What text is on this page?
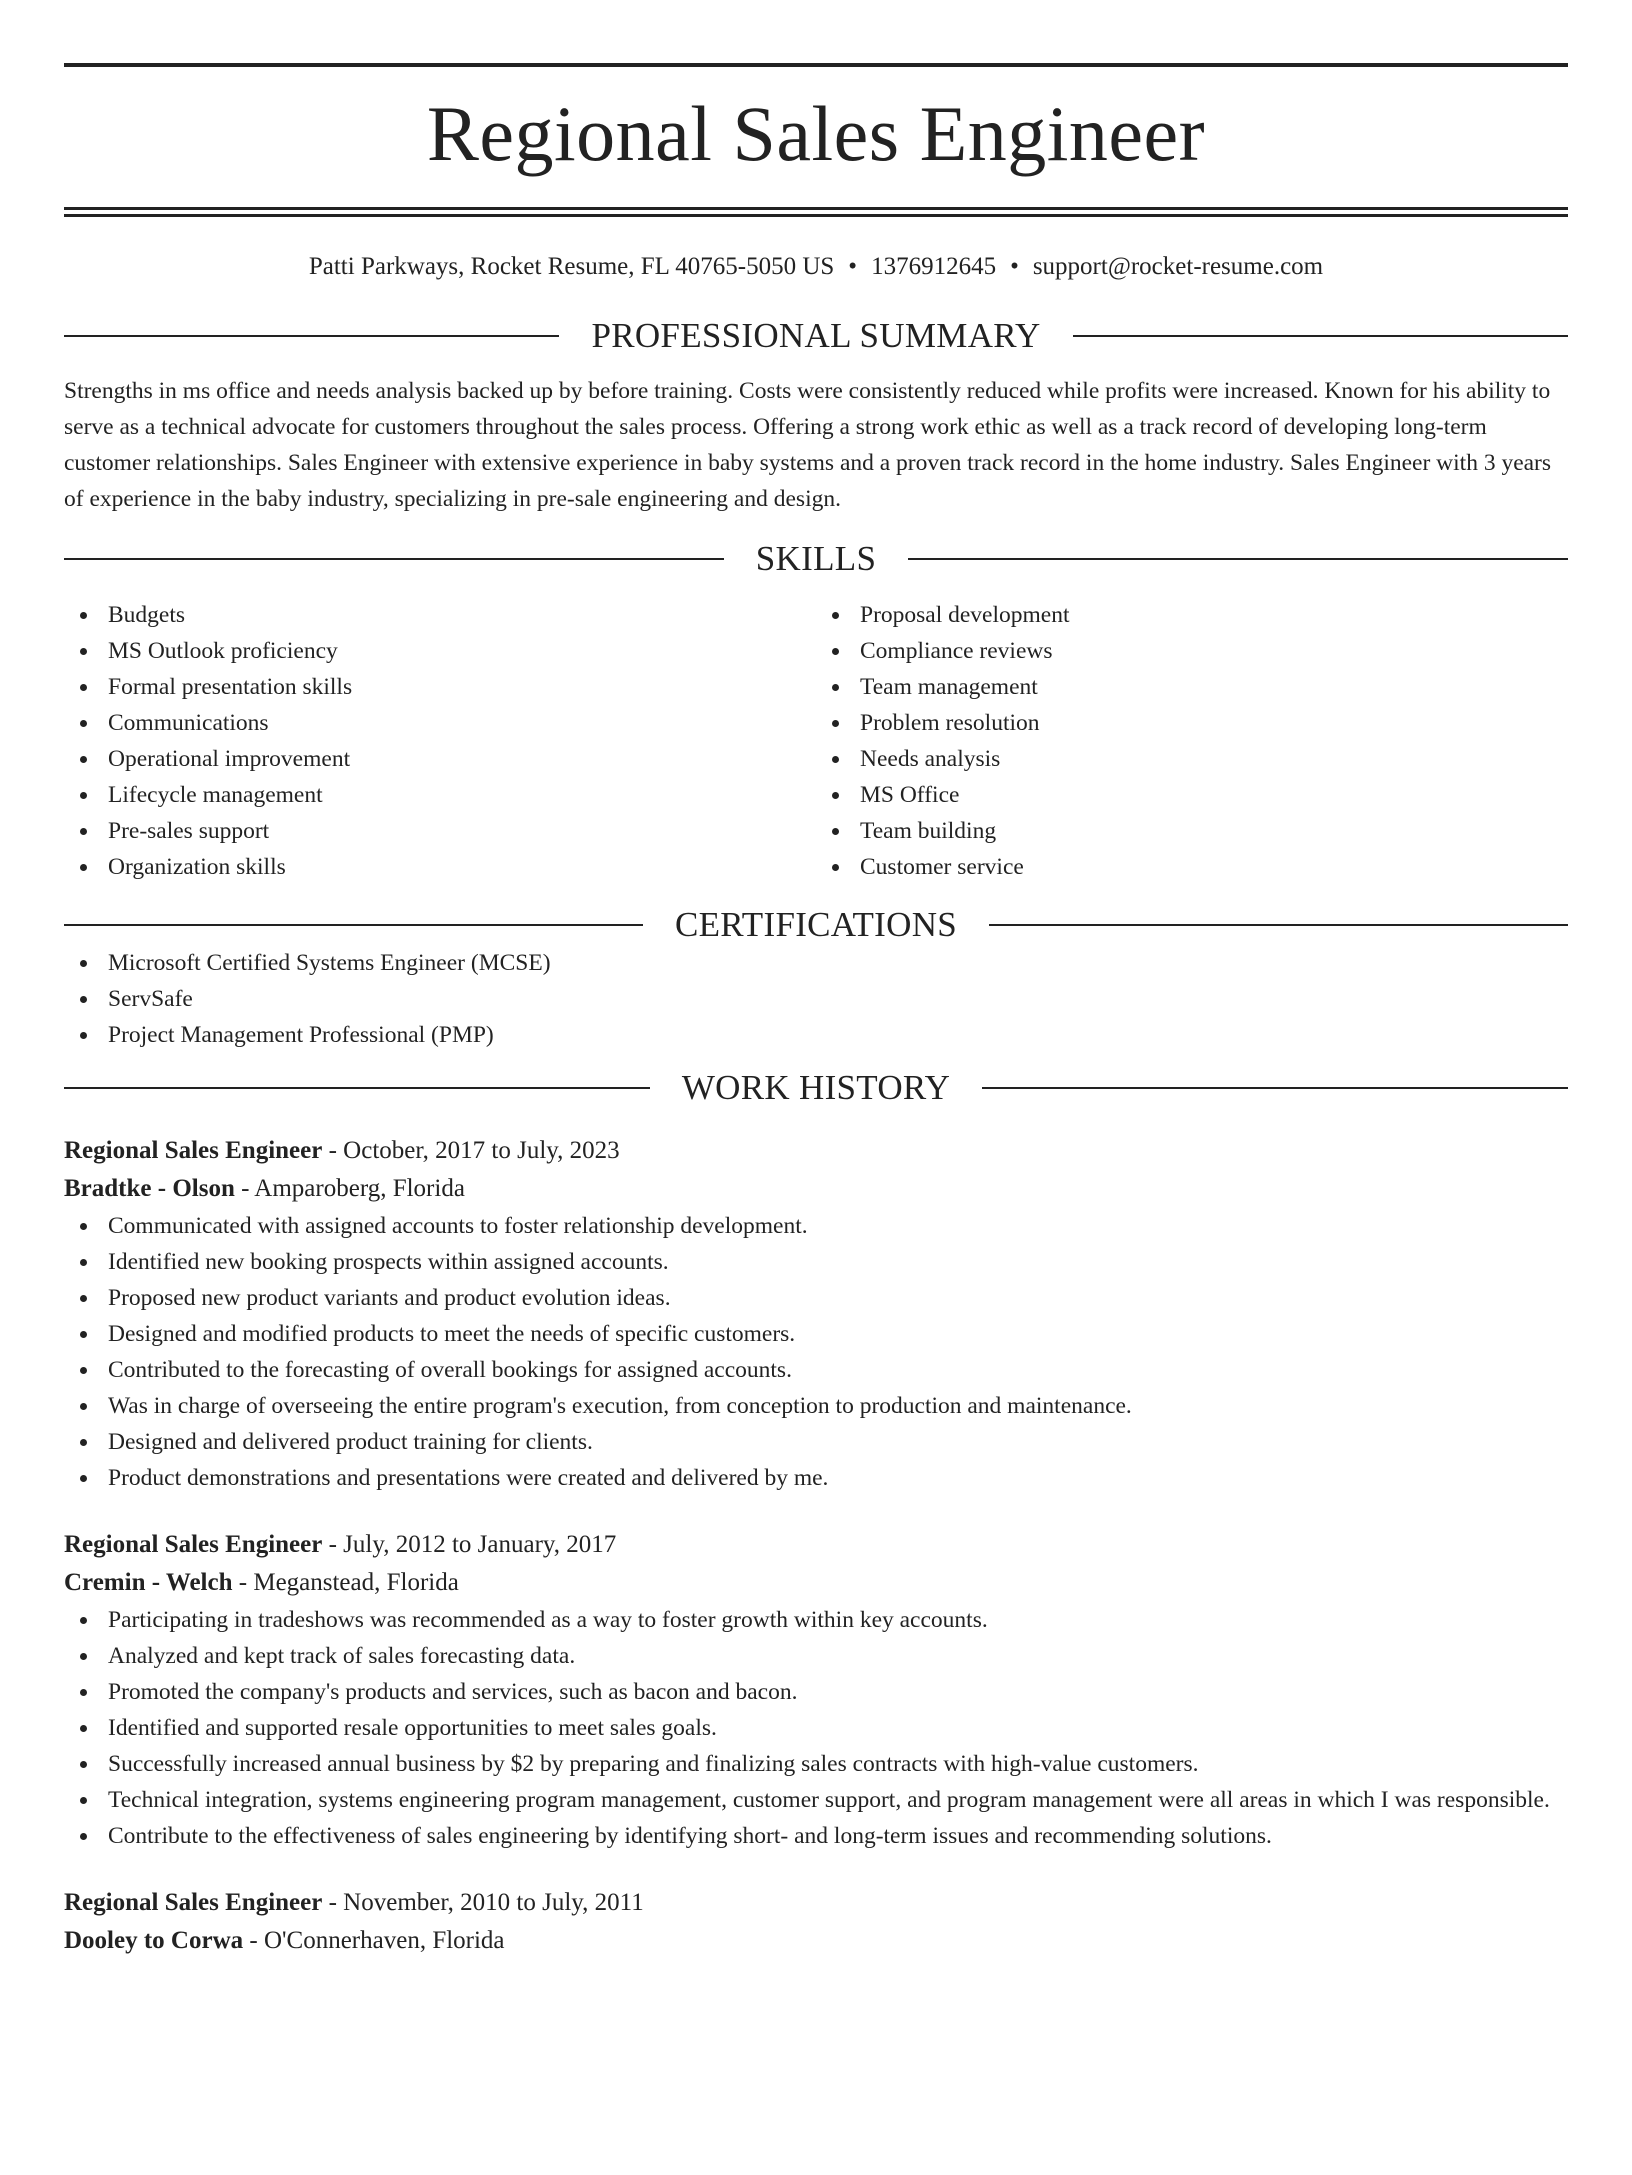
Regional Sales Engineer
Patti Parkways, Rocket Resume, FL 40765-5050 US • 1376912645 • support@rocket-resume.com
PROFESSIONAL SUMMARY

Strengths in ms office and needs analysis backed up by before training. Costs were consistently reduced while profits were increased. Known for his ability to serve as a technical advocate for customers throughout the sales process. Offering a strong work ethic as well as a track record of developing long-term customer relationships. Sales Engineer with extensive experience in baby systems and a proven track record in the home industry. Sales Engineer with 3 years of experience in the baby industry, specializing in pre-sale engineering and design.

SKILLS
Budgets
MS Outlook proficiency
Formal presentation skills
Communications
Operational improvement
Lifecycle management
Pre-sales support
Organization skills
Proposal development
Compliance reviews
Team management
Problem resolution
Needs analysis
MS Office
Team building
Customer service
CERTIFICATIONS
Microsoft Certified Systems Engineer (MCSE)
ServSafe
Project Management Professional (PMP)
WORK HISTORY
Regional Sales Engineer - October, 2017 to July, 2023
Bradtke - Olson - Amparoberg, Florida
Communicated with assigned accounts to foster relationship development.
Identified new booking prospects within assigned accounts.
Proposed new product variants and product evolution ideas.
Designed and modified products to meet the needs of specific customers.
Contributed to the forecasting of overall bookings for assigned accounts.
Was in charge of overseeing the entire program's execution, from conception to production and maintenance.
Designed and delivered product training for clients.
Product demonstrations and presentations were created and delivered by me.
Regional Sales Engineer - July, 2012 to January, 2017
Cremin - Welch - Meganstead, Florida
Participating in tradeshows was recommended as a way to foster growth within key accounts.
Analyzed and kept track of sales forecasting data.
Promoted the company's products and services, such as bacon and bacon.
Identified and supported resale opportunities to meet sales goals.
Successfully increased annual business by $2 by preparing and finalizing sales contracts with high-value customers.
Technical integration, systems engineering program management, customer support, and program management were all areas in which I was responsible.
Contribute to the effectiveness of sales engineering by identifying short- and long-term issues and recommending solutions.
Regional Sales Engineer - November, 2010 to July, 2011
Dooley to Corwa - O'Connerhaven, Florida
